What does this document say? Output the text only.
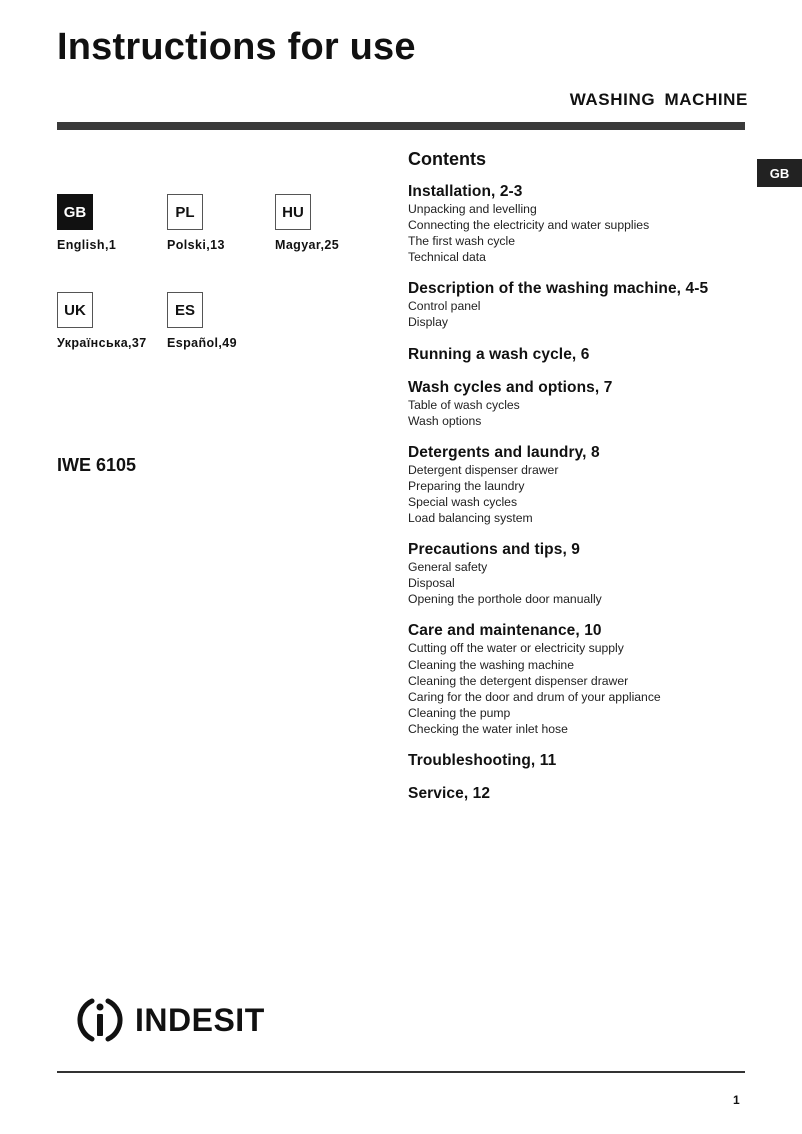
Instructions for use
WASHING MACHINE
GB
GB
English,1
PL
Polski,13
HU
Magyar,25
UK
Українська,37
ES
Español,49
IWE 6105
Contents
Installation, 2-3
Unpacking and levelling
Connecting the electricity and water supplies
The first wash cycle
Technical data
Description of the washing machine, 4-5
Control panel
Display
Running a wash cycle, 6
Wash cycles and options, 7
Table of wash cycles
Wash options
Detergents and laundry, 8
Detergent dispenser drawer
Preparing the laundry
Special wash cycles
Load balancing system
Precautions and tips, 9
General safety
Disposal
Opening the porthole door manually
Care and maintenance, 10
Cutting off the water or electricity supply
Cleaning the washing machine
Cleaning the detergent dispenser drawer
Caring for the door and drum of your appliance
Cleaning the pump
Checking the water inlet hose
Troubleshooting, 11
Service, 12
INDESIT
1
